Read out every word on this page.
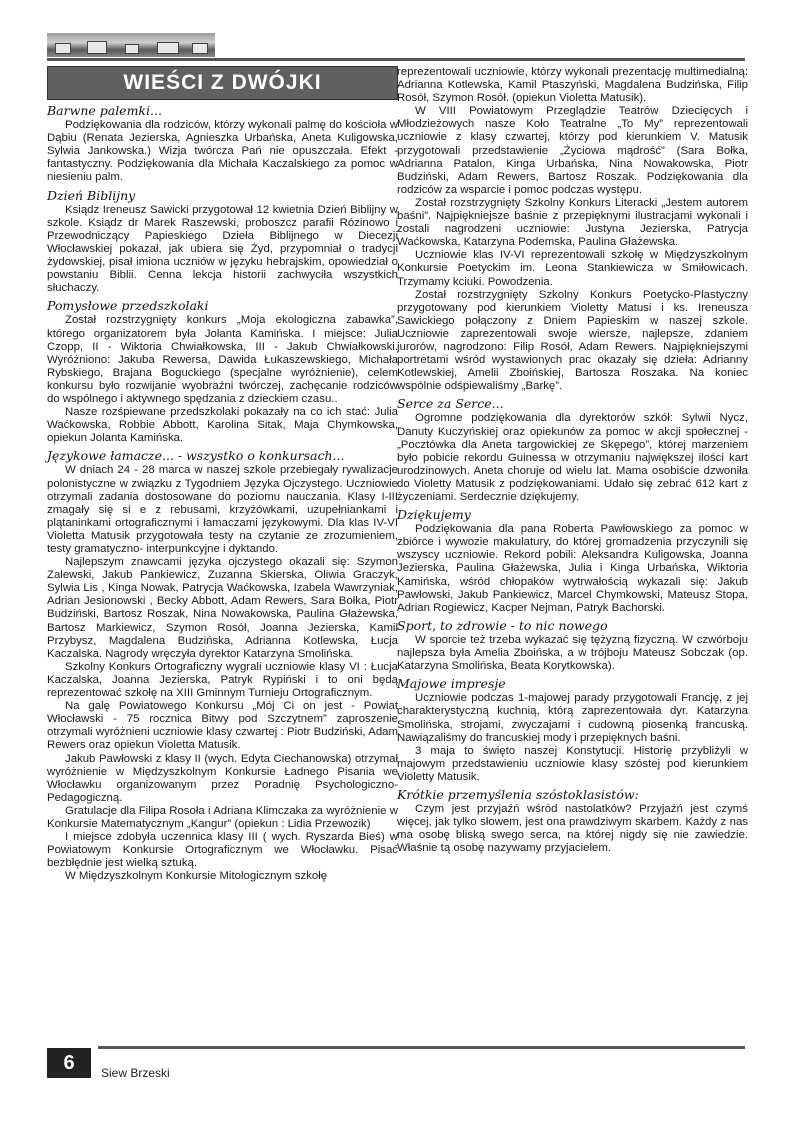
WIEŚCI Z DWÓJKI
Barwne palemki...

Podziękowania dla rodziców, którzy wykonali palmę do kościoła w Dąbiu (Renata Jezierska, Agnieszka Urbańska, Aneta Kuligowska, Sylwia Jankowska.) Wizja twórcza Pań nie opuszczała. Efekt - fantastyczny. Podziękowania dla Michała Kaczalskiego za pomoc w niesieniu palm.

Dzień Biblijny

Ksiądz Ireneusz Sawicki przygotował 12 kwietnia Dzień Biblijny w szkole. Ksiądz dr Marek Raszewski, proboszcz parafii Rózinowo i Przewodniczący Papieskiego Dzieła Biblijnego w Diecezji Włocławskiej pokazał, jak ubiera się Żyd, przypomniał o tradycji żydowskiej, pisał imiona uczniów w języku hebrajskim, opowiedział o powstaniu Biblii. Cenna lekcja historii zachwyciła wszystkich słuchaczy.

Pomysłowe przedszkolaki

Został rozstrzygnięty konkurs „Moja ekologiczna zabawka”, którego organizatorem była Jolanta Kamińska. I miejsce: Julia Czopp, II - Wiktoria Chwiałkowska, III - Jakub Chwiałkowski. Wyróżniono: Jakuba Rewersa, Dawida Łukaszewskiego, Michała Rybskiego, Brajana Boguckiego (specjalne wyróżnienie), celem konkursu było rozwijanie wyobraźni twórczej, zachęcanie rodziców do wspólnego i aktywnego spędzania z dzieckiem czasu..

Nasze rozśpiewane przedszkolaki pokazały na co ich stać: Julia Waćkowska, Robbie Abbott, Karolina Sitak, Maja Chymkowska, opiekun Jolanta Kamińska.

Językowe łamacze... - wszystko o konkursach...

W dniach 24 - 28 marca w naszej szkole przebiegały rywalizacje polonistyczne w związku z Tygodniem Języka Ojczystego. Uczniowie otrzymali zadania dostosowane do poziomu nauczania. Klasy I-III zmagały się si e z rebusami, krzyżówkami, uzupełniankami i plątaninkami ortograficznymi i łamaczami językowymi. Dla klas IV-VI Violetta Matusik przygotowała testy na czytanie ze zrozumieniem, testy gramatyczno- interpunkcyjne i dyktando.

Najlepszym znawcami języka ojczystego okazali się: Szymon Zalewski, Jakub Pankiewicz, Zuzanna Skierska, Oliwia Graczyk, Sylwia Lis , Kinga Nowak, Patrycja Waćkowska, Izabela Wawrzyniak, Adrian Jesionowski , Becky Abbott, Adam Rewers, Sara Bołka, Piotr Budziński, Bartosz Roszak, Nina Nowakowska, Paulina Głażewska, Bartosz Markiewicz, Szymon Rosół, Joanna Jezierska, Kamil Przybysz, Magdalena Budzińska, Adrianna Kotlewska, Łucja Kaczalska. Nagrody wręczyła dyrektor Katarzyna Smolińska.

Szkolny Konkurs Ortograficzny wygrali uczniowie klasy VI : Łucja Kaczalska, Joanna Jezierska, Patryk Rypiński i to oni będą reprezentować szkołę na XIII Gminnym Turnieju Ortograficznym.

Na galę Powiatowego Konkursu „Mój Ci on jest - Powiat Włocławski - 75 rocznica Bitwy pod Szczytnem” zaproszenie otrzymali wyróżnieni uczniowie klasy czwartej : Piotr Budziński, Adam Rewers oraz opiekun Violetta Matusik.

Jakub Pawłowski z klasy II (wych. Edyta Ciechanowska) otrzymał wyróżnienie w Międzyszkolnym Konkursie Ładnego Pisania we Włocławku organizowanym przez Poradnię Psychologiczno- Pedagogiczną.

Gratulacje dla Filipa Rosoła i Adriana Klimczaka za wyróżnienie w Konkursie Matematycznym „Kangur” (opiekun : Lidia Przewozik)

I miejsce zdobyła uczennica klasy III ( wych. Ryszarda Bieś) w Powiatowym Konkursie Ortograficznym we Włocławku. Pisać bezbłędnie jest wielką sztuką.

W Międzyszkolnym Konkursie Mitologicznym szkołę

reprezentowali uczniowie, którzy wykonali prezentację multimedialną: Adrianna Kotlewska, Kamil Ptaszyński, Magdalena Budzińska, Filip Rosół, Szymon Rosół. (opiekun Violetta Matusik).

W VIII Powiatowym Przeglądzie Teatrów Dziecięcych i Młodzieżowych nasze Koło Teatralne „To My” reprezentowali uczniowie z klasy czwartej, którzy pod kierunkiem V. Matusik przygotowali przedstawienie „Życiowa mądrość” (Sara Bołka, Adrianna Patalon, Kinga Urbańska, Nina Nowakowska, Piotr Budziński, Adam Rewers, Bartosz Roszak. Podziękowania dla rodziców za wsparcie i pomoc podczas występu.

Został rozstrzygnięty Szkolny Konkurs Literacki „Jestem autorem baśni”. Najpiękniejsze baśnie z przepięknymi ilustracjami wykonali i zostali nagrodzeni uczniowie: Justyna Jezierska, Patrycja Waćkowska, Katarzyna Podemska, Paulina Głażewska.

Uczniowie klas IV-VI reprezentowali szkołę w Międzyszkolnym Konkursie Poetyckim im. Leona Stankiewicza w Smiłowicach. Trzymamy kciuki. Powodzenia.

Został rozstrzygnięty Szkolny Konkurs Poetycko-Plastyczny przygotowany pod kierunkiem Violetty Matusi i ks. Ireneusza Sawickiego połączony z Dniem Papieskim w naszej szkole. Uczniowie zaprezentowali swoje wiersze, najlepsze, zdaniem jurorów, nagrodzono: Filip Rosół, Adam Rewers. Najpiękniejszymi portretami wśród wystawionych prac okazały się dzieła: Adrianny Kotlewskiej, Amelii Zboińskiej, Bartosza Roszaka. Na koniec wspólnie odśpiewaliśmy „Barkę”.

Serce za Serce...

Ogromne podziękowania dla dyrektorów szkół: Sylwii Nycz, Danuty Kuczyńskiej oraz opiekunów za pomoc w akcji społecznej - „Pocztówka dla Aneta targowickiej ze Skępego”, której marzeniem było pobicie rekordu Guinessa w otrzymaniu największej ilości kart urodzinowych. Aneta choruje od wielu lat. Mama osobiście dzwoniła do Violetty Matusik z podziękowaniami. Udało się zebrać 612 kart z życzeniami. Serdecznie dziękujemy.

Dziękujemy

Podziękowania dla pana Roberta Pawłowskiego za pomoc w zbiórce i wywozie makulatury, do której gromadzenia przyczynili się wszyscy uczniowie. Rekord pobili: Aleksandra Kuligowska, Joanna Jezierska, Paulina Głażewska, Julia i Kinga Urbańska, Wiktoria Kamińska, wśród chłopaków wytrwałością wykazali się: Jakub Pawłowski, Jakub Pankiewicz, Marcel Chymkowski, Mateusz Stopa, Adrian Rogiewicz, Kacper Nejman, Patryk Bachorski.

Sport, to zdrowie - to nic nowego

W sporcie też trzeba wykazać się tężyzną fizyczną. W czwórboju najlepsza była Amelia Zboińska, a w trójboju Mateusz Sobczak (op. Katarzyna Smolińska, Beata Korytkowska).

Majowe impresje

Uczniowie podczas 1-majowej parady przygotowali Francję, z jej charakterystyczną kuchnią, którą zaprezentowała dyr. Katarzyna Smolińska, strojami, zwyczajami i cudowną piosenką francuską. Nawiązaliśmy do francuskiej mody i przepięknych baśni.

3 maja to święto naszej Konstytucji. Historię przybliżyli w majowym przedstawieniu uczniowie klasy szóstej pod kierunkiem Violetty Matusik.

Krótkie przemyślenia szóstoklasistów:

Czym jest przyjaźń wśród nastolatków? Przyjaźń jest czymś więcej, jak tylko słowem, jest ona prawdziwym skarbem. Każdy z nas ma osobę bliską swego serca, na której nigdy się nie zawiedzie. Właśnie tą osobę nazywamy przyjacielem.

6	Siew Brzeski
